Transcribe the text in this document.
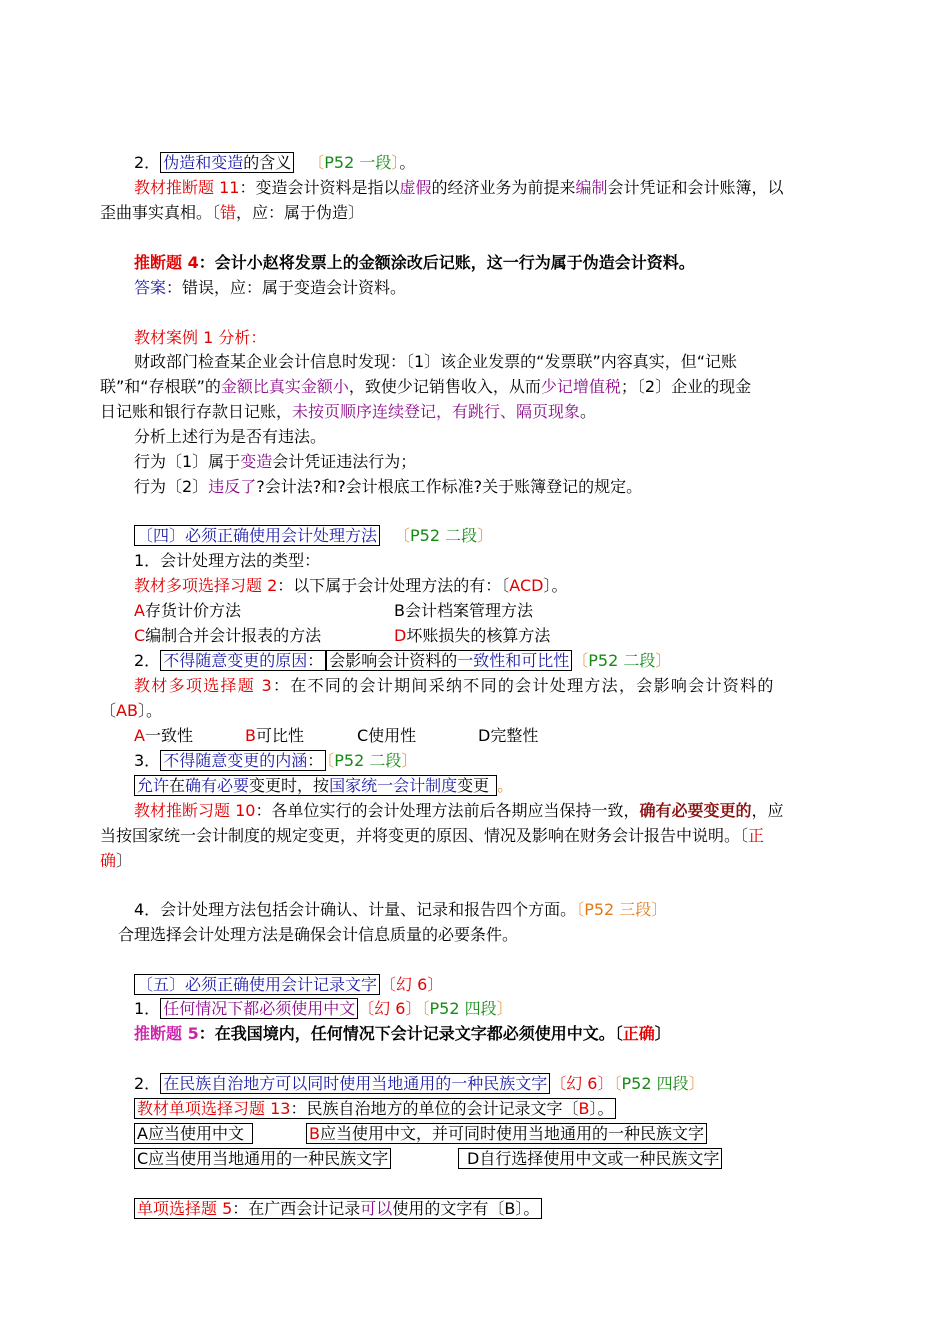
2． 伪造和变造的含义 〔P52 一段〕。
教材推断题 11：变造会计资料是指以虚假的经济业务为前提来编制会计凭证和会计账簿，以
歪曲事实真相。〔错，应：属于伪造〕
推断题 4：会计小赵将发票上的金额涂改后记账，这一行为属于伪造会计资料。
答案：错误，应：属于变造会计资料。
教材案例 1 分析：
财政部门检查某企业会计信息时发现：〔1〕该企业发票的“发票联”内容真实，但“记账
联”和“存根联”的金额比真实金额小，致使少记销售收入，从而少记增值税；〔2〕企业的现金
日记账和银行存款日记账，未按页顺序连续登记，有跳行、隔页现象。
分析上述行为是否有违法。
行为〔1〕属于变造会计凭证违法行为；
行为〔2〕违反了?会计法?和?会计根底工作标准?关于账簿登记的规定。
〔四〕必须正确使用会计处理方法 〔P52 二段〕
1．会计处理方法的类型：
教材多项选择习题 2：以下属于会计处理方法的有：〔ACD〕。
A存货计价方法	B会计档案管理方法
C编制合并会计报表的方法	D坏账损失的核算方法
2． 不得随意变更的原因： 会影响会计资料的一致性和可比性 〔P52 二段〕
教材多项选择题 3：在不同的会计期间采纳不同的会计处理方法，会影响会计资料的
〔AB〕。
A一致性	B可比性	C使用性	D完整性
3． 不得随意变更的内涵： 〔P52 二段〕
允许在确有必要变更时，按国家统一会计制度变更 。
教材推断习题 10：各单位实行的会计处理方法前后各期应当保持一致，确有必要变更的，应
当按国家统一会计制度的规定变更，并将变更的原因、情况及影响在财务会计报告中说明。〔正
确〕
4．会计处理方法包括会计确认、计量、记录和报告四个方面。〔P52 三段〕
合理选择会计处理方法是确保会计信息质量的必要条件。
〔五〕必须正确使用会计记录文字 〔幻 6〕
1． 任何情况下都必须使用中文 〔幻 6〕〔P52 四段〕
推断题 5：在我国境内，任何情况下会计记录文字都必须使用中文。〔正确〕
2． 在民族自治地方可以同时使用当地通用的一种民族文字 〔幻 6〕〔P52 四段〕
教材单项选择习题 13：民族自治地方的单位的会计记录文字〔B〕。
A应当使用中文	B应当使用中文，并可同时使用当地通用的一种民族文字
C应当使用当地通用的一种民族文字	D自行选择使用中文或一种民族文字
单项选择题 5：在广西会计记录可以使用的文字有〔B〕。
